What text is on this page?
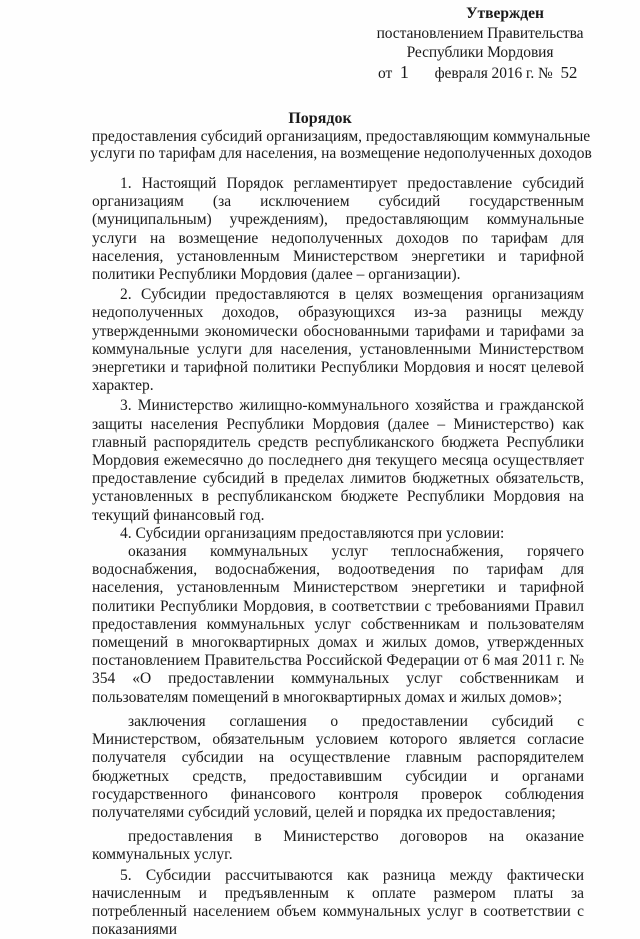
Утвержден
постановлением Правительства
Республики Мордовия
от 1 февраля 2016 г. № 52
Порядок
предоставления субсидий организациям, предоставляющим коммунальные услуги по тарифам для населения, на возмещение недополученных доходов

1. Настоящий Порядок регламентирует предоставление субсидий организациям (за исключением субсидий государственным (муниципальным) учреждениям), предоставляющим коммунальные услуги на возмещение недополученных доходов по тарифам для населения, установленным Министерством энергетики и тарифной политики Республики Мордовия (далее – организации).

2. Субсидии предоставляются в целях возмещения организациям недополученных доходов, образующихся из-за разницы между утвержденными экономически обоснованными тарифами и тарифами за коммунальные услуги для населения, установленными Министерством энергетики и тарифной политики Республики Мордовия и носят целевой характер.

3. Министерство жилищно-коммунального хозяйства и гражданской защиты населения Республики Мордовия (далее – Министерство) как главный распорядитель средств республиканского бюджета Республики Мордовия ежемесячно до последнего дня текущего месяца осуществляет предоставление субсидий в пределах лимитов бюджетных обязательств, установленных в республиканском бюджете Республики Мордовия на текущий финансовый год.

4. Субсидии организациям предоставляются при условии:

оказания коммунальных услуг теплоснабжения, горячего водоснабжения, водоснабжения, водоотведения по тарифам для населения, установленным Министерством энергетики и тарифной политики Республики Мордовия, в соответствии с требованиями Правил предоставления коммунальных услуг собственникам и пользователям помещений в многоквартирных домах и жилых домов, утвержденных постановлением Правительства Российской Федерации от 6 мая 2011 г. № 354 «О предоставлении коммунальных услуг собственникам и пользователям помещений в многоквартирных домах и жилых домов»;

заключения соглашения о предоставлении субсидий с Министерством, обязательным условием которого является согласие получателя субсидии на осуществление главным распорядителем бюджетных средств, предоставившим субсидии и органами государственного финансового контроля проверок соблюдения получателями субсидий условий, целей и порядка их предоставления;

предоставления в Министерство договоров на оказание коммунальных услуг.

5. Субсидии рассчитываются как разница между фактически начисленным и предъявленным к оплате размером платы за потребленный населением объем коммунальных услуг в соответствии с показаниями
